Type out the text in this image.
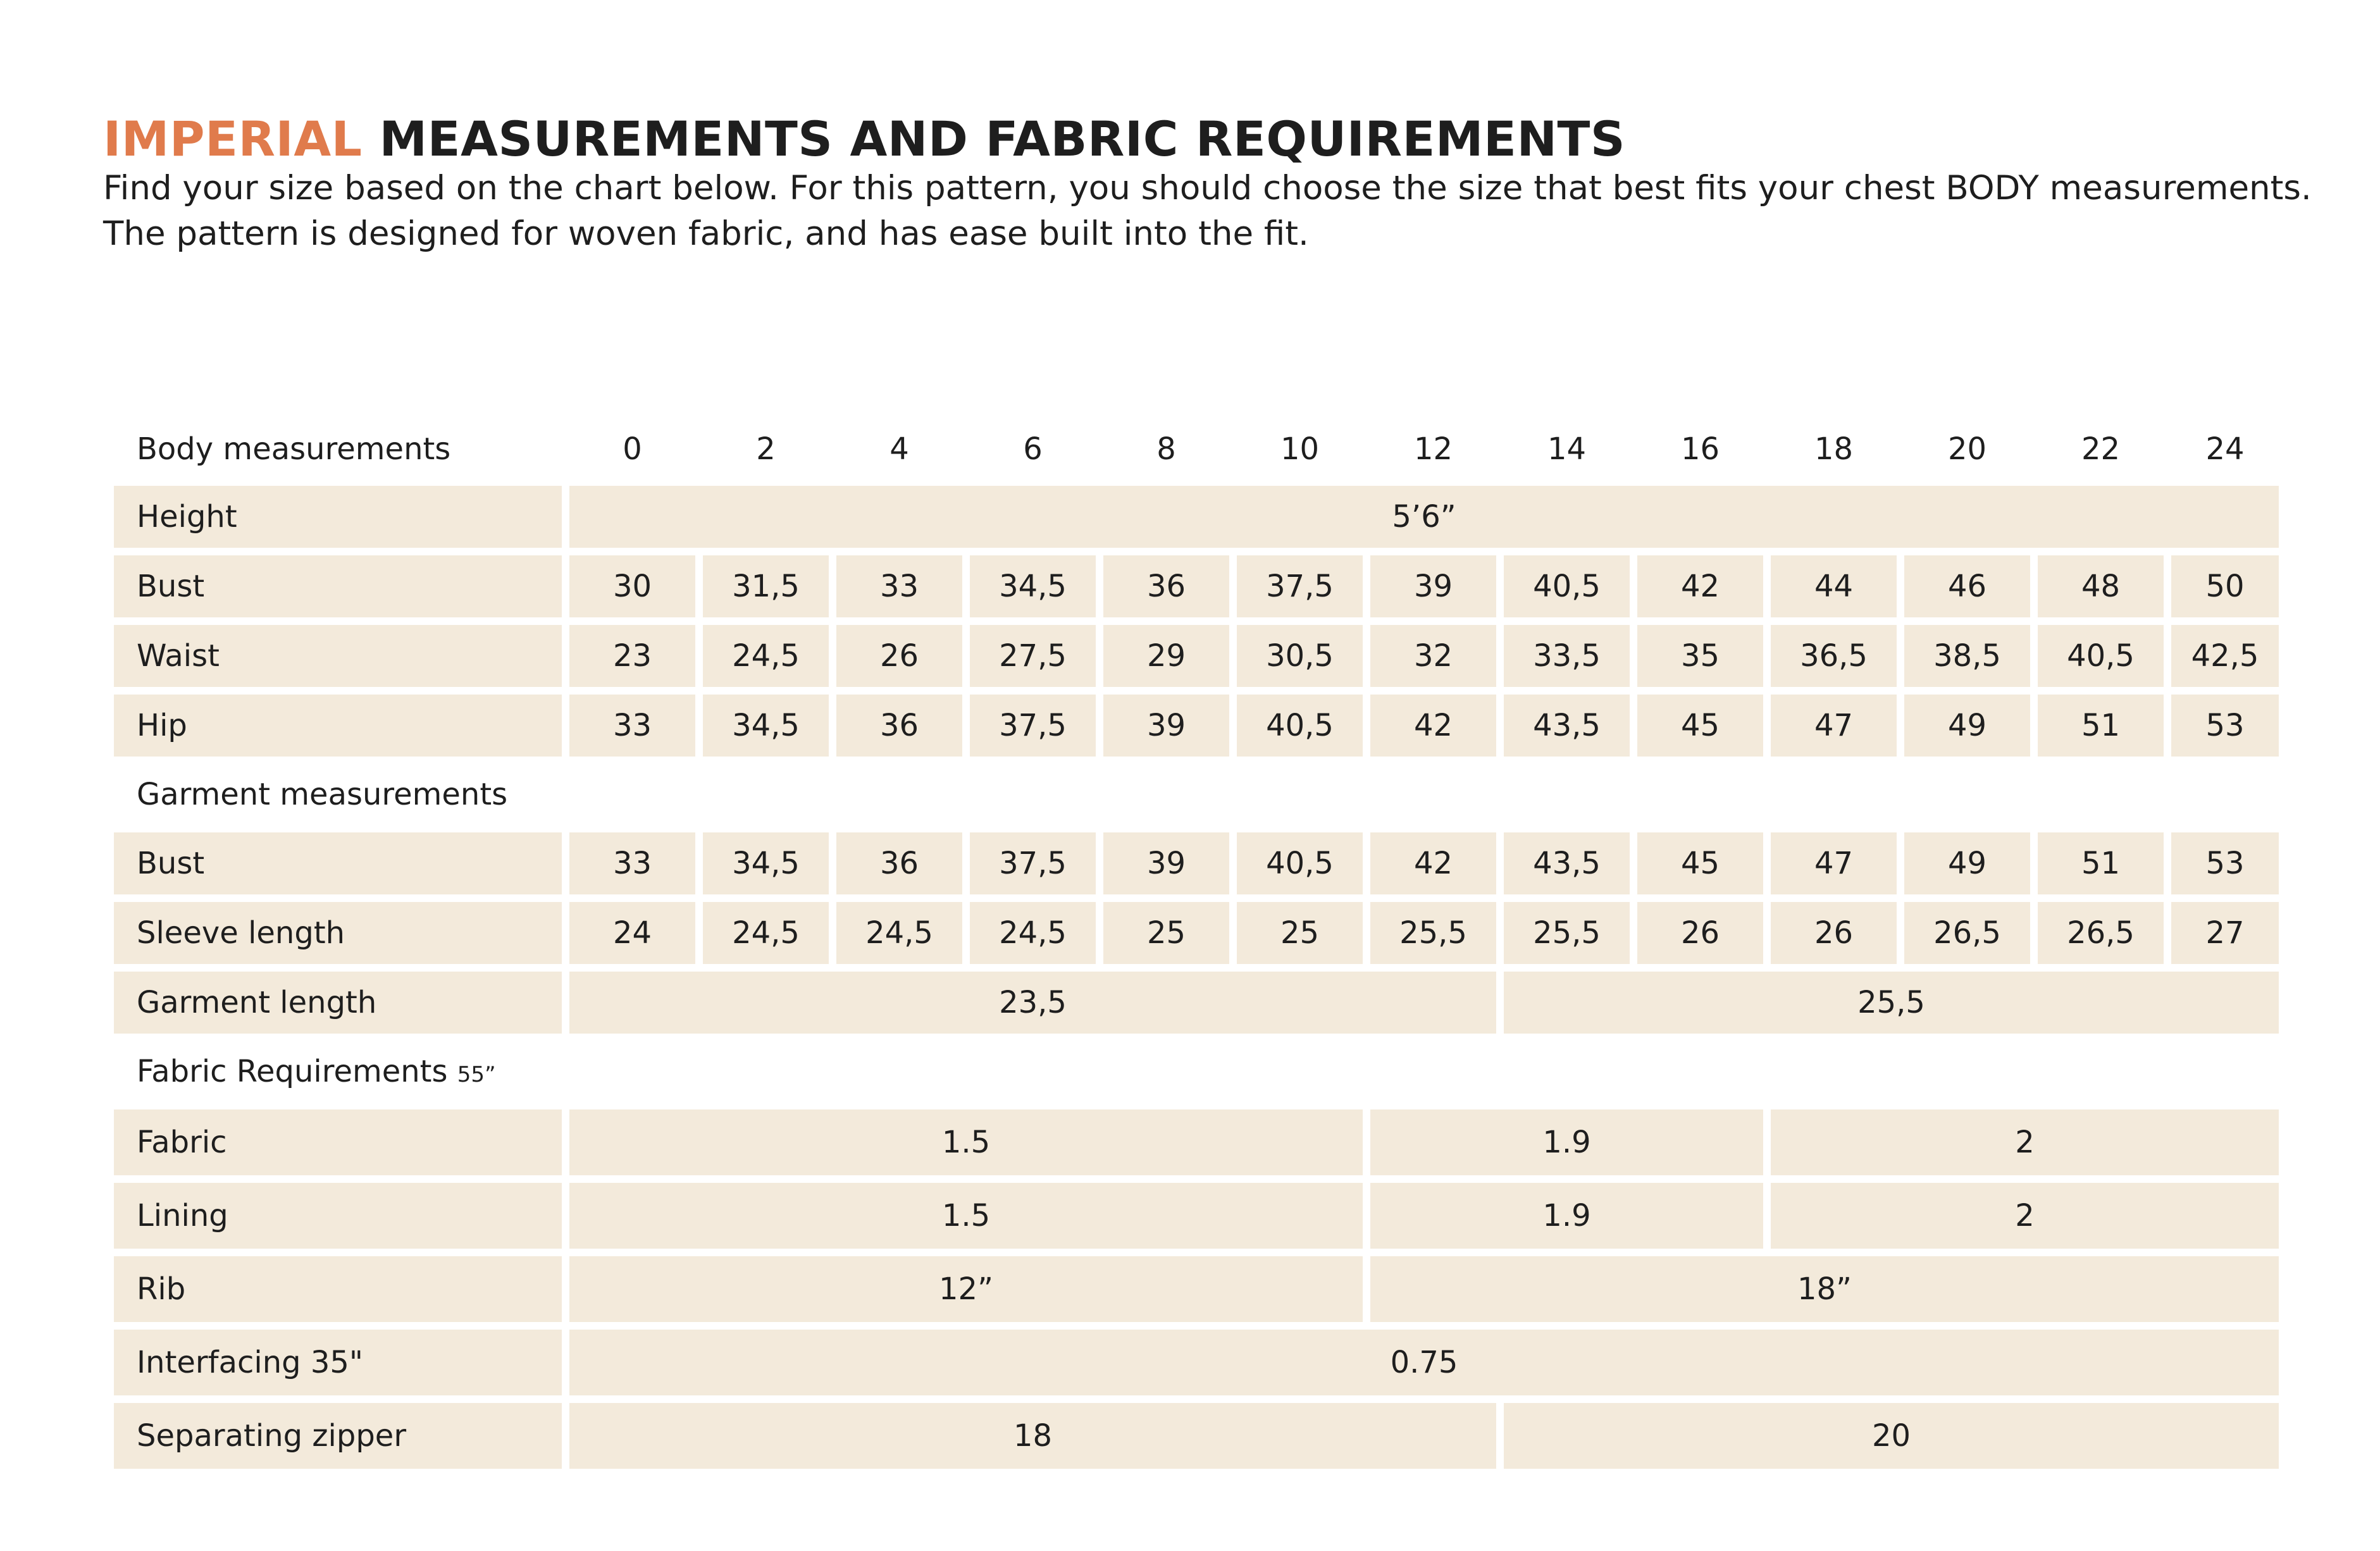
IMPERIAL MEASUREMENTS AND FABRIC REQUIREMENTS
Find your size based on the chart below. For this pattern, you should choose the size that best fits your chest BODY measurements.
The pattern is designed for woven fabric, and has ease built into the fit.
Body measurements	0	2	4	6	8	10	12	14	16	18	20	22	24
Height	5’6”												
Bust	30	31,5	33	34,5	36	37,5	39	40,5	42	44	46	48	50
Waist	23	24,5	26	27,5	29	30,5	32	33,5	35	36,5	38,5	40,5	42,5
Hip	33	34,5	36	37,5	39	40,5	42	43,5	45	47	49	51	53
Garment measurements													
Bust	33	34,5	36	37,5	39	40,5	42	43,5	45	47	49	51	53
Sleeve length	24	24,5	24,5	24,5	25	25	25,5	25,5	26	26	26,5	26,5	27
Garment length	23,5							25,5					
Fabric Requirements 55”													
Fabric	1.5						1.9			2			
Lining	1.5						1.9			2			
Rib	12”						18”						
Interfacing 35"	0.75												
Separating zipper	18							20					
